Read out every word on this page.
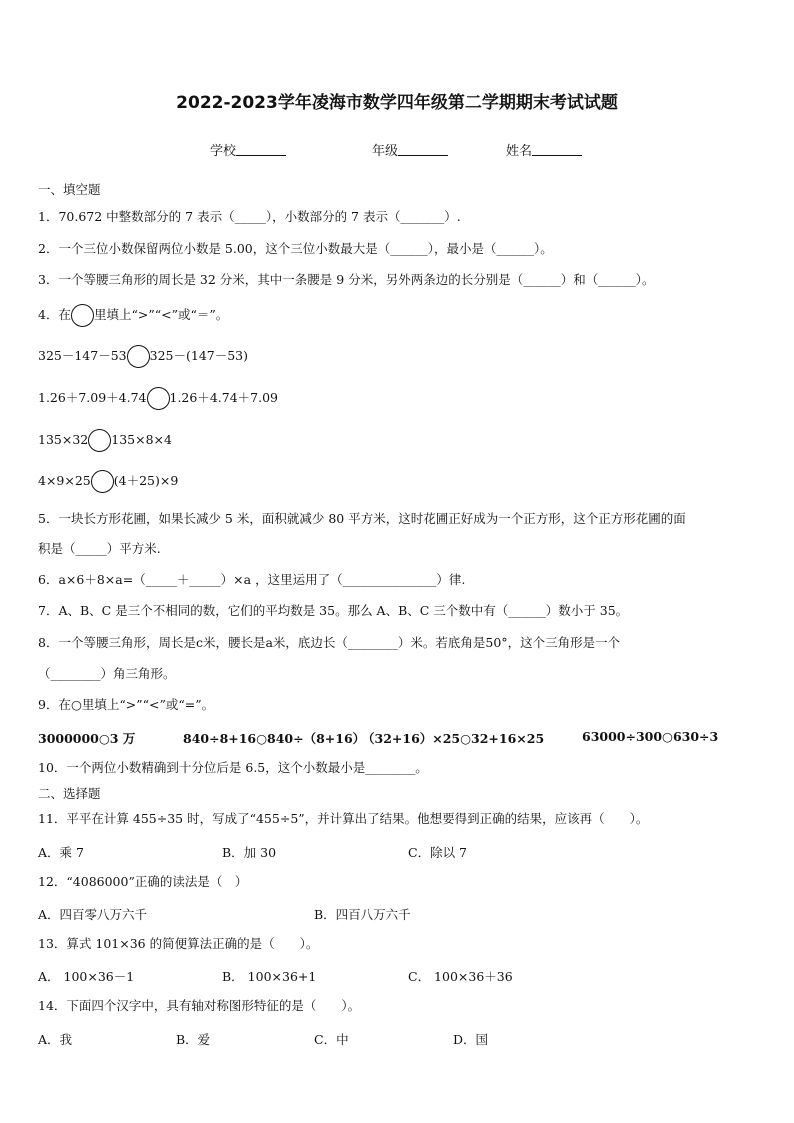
2022-2023学年凌海市数学四年级第二学期期末考试试题
学校	年级	姓名
一、填空题
1．70.672 中整数部分的 7 表示（_____），小数部分的 7 表示（_______）.
2．一个三位小数保留两位小数是 5.00，这个三位小数最大是（______），最小是（______）。
3．一个等腰三角形的周长是 32 分米，其中一条腰是 9 分米，另外两条边的长分别是（______）和（______）。
4．在 里填上“>”“<”或“＝”。
325－147－53 325－(147－53)
1.26＋7.09＋4.74 1.26＋4.74＋7.09
135×32 135×8×4
4×9×25 (4＋25)×9
5．一块长方形花圃，如果长减少 5 米，面积就减少 80 平方米，这时花圃正好成为一个正方形，这个正方形花圃的面
积是（_____）平方米.
6．a×6＋8×a=（_____＋_____）×a ，这里运用了（_______________）律.
7．A、B、C 是三个不相同的数，它们的平均数是 35。那么 A、B、C 三个数中有（______）数小于 35。
8．一个等腰三角形，周长是c米，腰长是a米，底边长（________）米。若底角是50°，这个三角形是一个
（________）角三角形。
9．在○里填上“>”“<”或“=”。
3000000○3 万	840÷8+16○840÷（8+16）
（32+16）×25○32+16×25	63000÷300○630÷3
10．一个两位小数精确到十分位后是 6.5，这个小数最小是________。
二、选择题
11．平平在计算 455÷35 时，写成了“455÷5”，并计算出了结果。他想要得到正确的结果，应该再（　　）。
A．乘 7	B．加 30	C．除以 7
12．“4086000”正确的读法是（　）
A．四百零八万六千	B．四百八万六千
13．算式 101×36 的简便算法正确的是（　　）。
A． 100×36－1	B． 100×36+1	C． 100×36＋36
14．下面四个汉字中，具有轴对称图形特征的是（　　）。
A．我	B．爱	C．中	D．国
